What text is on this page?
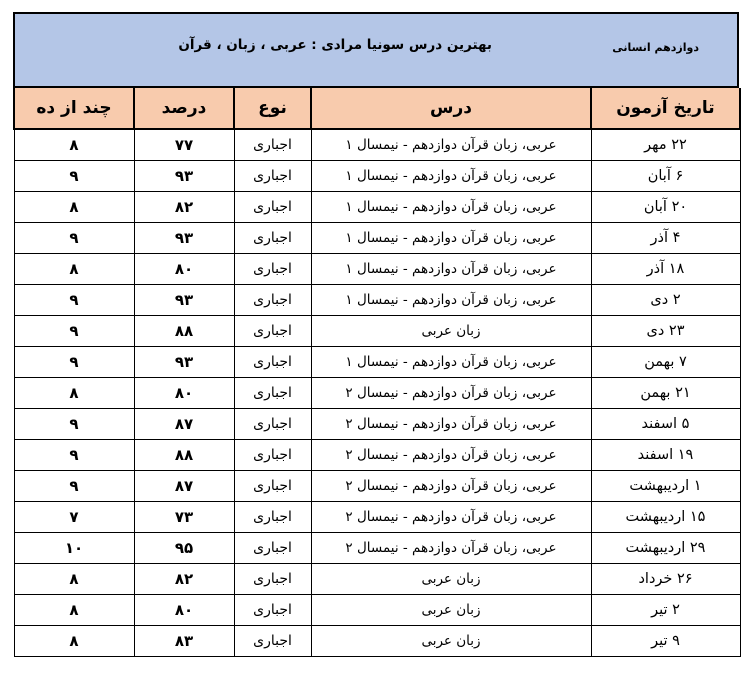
دوازدهم انسانی
بهترین درس سونیا مرادی : عربی ، زبان ، قرآن
تاریخ آزمون	درس	نوع	درصد	چند از ده
۲۲ مهر	عربی، زبان قرآن دوازدهم - نیمسال ۱	اجباری	۷۷	۸
۶ آبان	عربی، زبان قرآن دوازدهم - نیمسال ۱	اجباری	۹۳	۹
۲۰ آبان	عربی، زبان قرآن دوازدهم - نیمسال ۱	اجباری	۸۲	۸
۴ آذر	عربی، زبان قرآن دوازدهم - نیمسال ۱	اجباری	۹۳	۹
۱۸ آذر	عربی، زبان قرآن دوازدهم - نیمسال ۱	اجباری	۸۰	۸
۲ دی	عربی، زبان قرآن دوازدهم - نیمسال ۱	اجباری	۹۳	۹
۲۳ دی	زبان عربی	اجباری	۸۸	۹
۷ بهمن	عربی، زبان قرآن دوازدهم - نیمسال ۱	اجباری	۹۳	۹
۲۱ بهمن	عربی، زبان قرآن دوازدهم - نیمسال ۲	اجباری	۸۰	۸
۵ اسفند	عربی، زبان قرآن دوازدهم - نیمسال ۲	اجباری	۸۷	۹
۱۹ اسفند	عربی، زبان قرآن دوازدهم - نیمسال ۲	اجباری	۸۸	۹
۱ اردیبهشت	عربی، زبان قرآن دوازدهم - نیمسال ۲	اجباری	۸۷	۹
۱۵ اردیبهشت	عربی، زبان قرآن دوازدهم - نیمسال ۲	اجباری	۷۳	۷
۲۹ اردیبهشت	عربی، زبان قرآن دوازدهم - نیمسال ۲	اجباری	۹۵	۱۰
۲۶ خرداد	زبان عربی	اجباری	۸۲	۸
۲ تیر	زبان عربی	اجباری	۸۰	۸
۹ تیر	زبان عربی	اجباری	۸۳	۸
